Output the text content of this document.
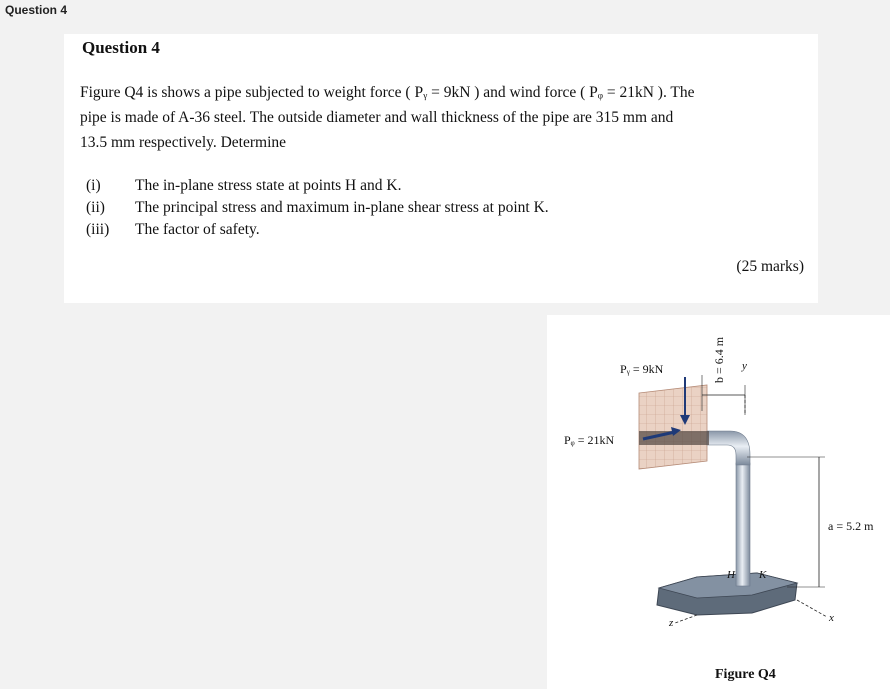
Question 4
Question 4
Figure Q4 is shows a pipe subjected to weight force ( Pᵧ = 9kN ) and wind force ( Pᵩ = 21kN ). The
pipe is made of A-36 steel. The outside diameter and wall thickness of the pipe are 315 mm and
13.5 mm respectively. Determine
(i)	The in-plane stress state at points H and K.
(ii)	The principal stress and maximum in-plane shear stress at point K.
(iii)	The factor of safety.
(25 marks)
b = 6.4 m y
a = 5.2 m
x
z
H K
Pᵧ = 9kN
Pᵩ = 21kN
Figure Q4
